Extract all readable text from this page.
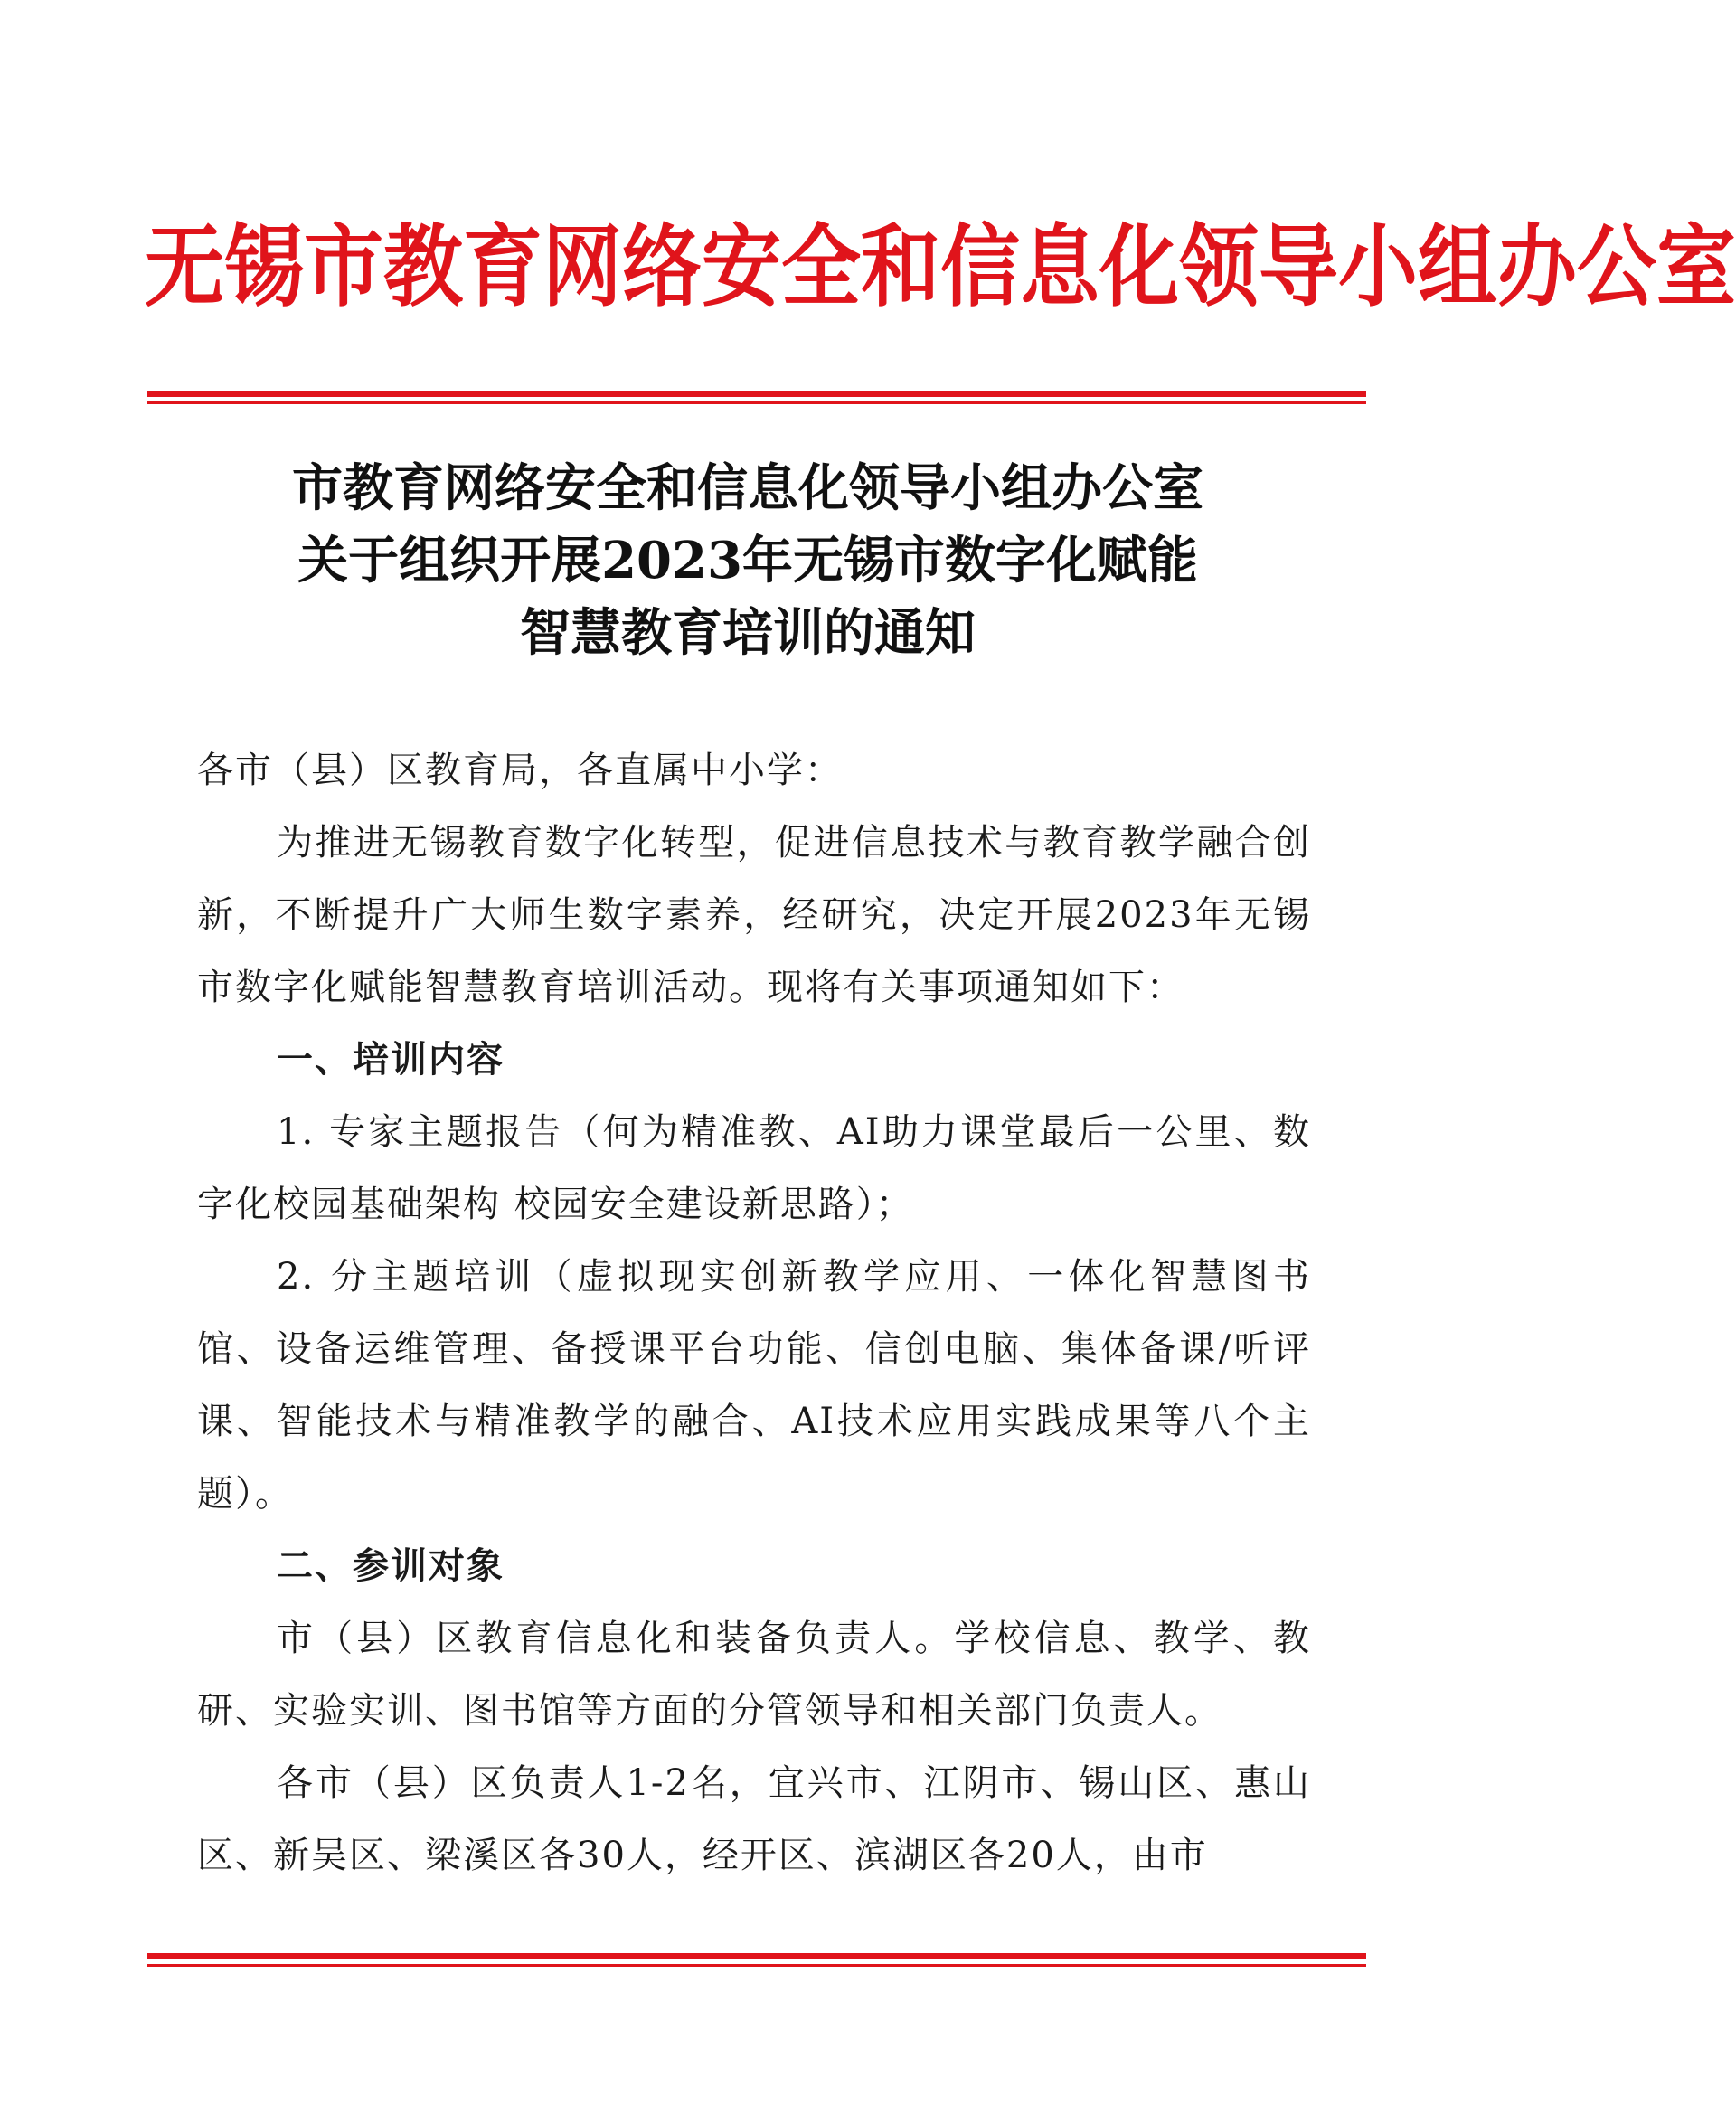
无锡市教育网络安全和信息化领导小组办公室
市教育网络安全和信息化领导小组办公室
关于组织开展2023年无锡市数字化赋能
智慧教育培训的通知

各市（县）区教育局，各直属中小学：

为推进无锡教育数字化转型，促进信息技术与教育教学融合创新，不断提升广大师生数字素养，经研究，决定开展2023年无锡市数字化赋能智慧教育培训活动。现将有关事项通知如下：

一、培训内容

1. 专家主题报告（何为精准教、AI助力课堂最后一公里、数字化校园基础架构 校园安全建设新思路）；

2. 分主题培训（虚拟现实创新教学应用、一体化智慧图书馆、设备运维管理、备授课平台功能、信创电脑、集体备课/听评课、智能技术与精准教学的融合、AI技术应用实践成果等八个主题）。

二、参训对象

市（县）区教育信息化和装备负责人。学校信息、教学、教研、实验实训、图书馆等方面的分管领导和相关部门负责人。

各市（县）区负责人1-2名，宜兴市、江阴市、锡山区、惠山区、新吴区、梁溪区各30人，经开区、滨湖区各20人，由市
